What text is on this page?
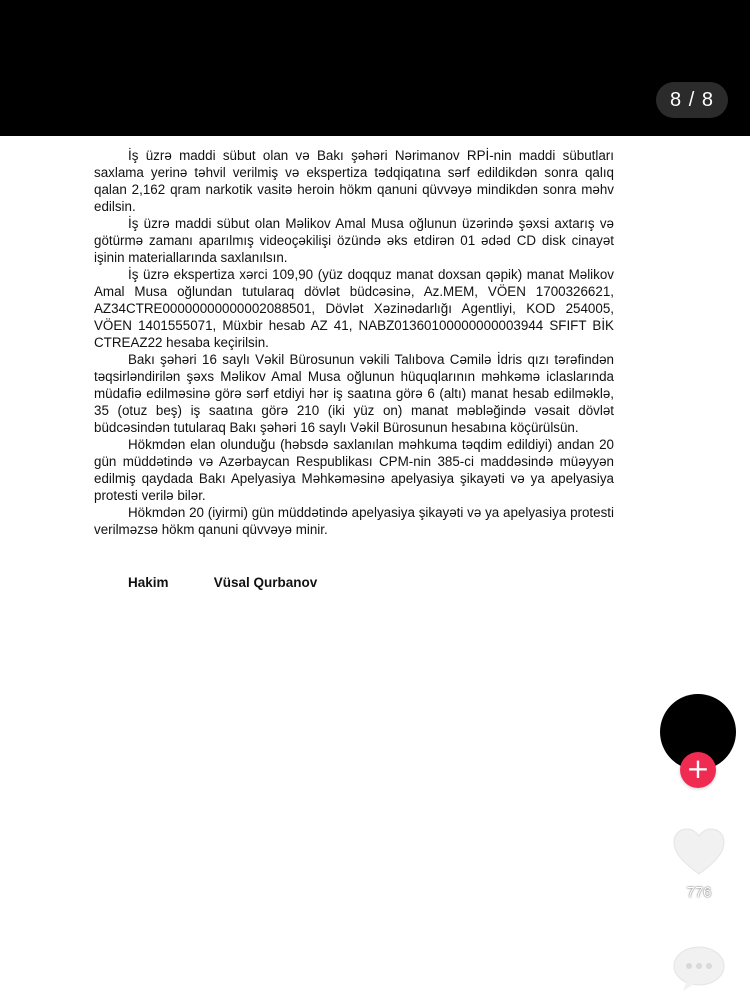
8 / 8

İş üzrə maddi sübut olan və Bakı şəhəri Nərimanov RPİ-nin maddi sübutları saxlama yerinə təhvil verilmiş və ekspertiza tədqiqatına sərf edildikdən sonra qalıq qalan 2,162 qram narkotik vasitə heroin hökm qanuni qüvvəyə mindikdən sonra məhv edilsin.

İş üzrə maddi sübut olan Məlikov Amal Musa oğlunun üzərində şəxsi axtarış və götürmə zamanı aparılmış videoçəkilişi özündə əks etdirən 01 ədəd CD disk cinayət işinin materiallarında saxlanılsın.

İş üzrə ekspertiza xərci 109,90 (yüz doqquz manat doxsan qəpik) manat Məlikov Amal Musa oğlundan tutularaq dövlət büdcəsinə, Az.MEM, VÖEN 1700326621, AZ34CTRE00000000000002088501, Dövlət Xəzinədarlığı Agentliyi, KOD 254005, VÖEN 1401555071, Müxbir hesab AZ 41, NABZ01360100000000003944 SFIFT BİK CTREAZ22 hesaba keçirilsin.

Bakı şəhəri 16 saylı Vəkil Bürosunun vəkili Talıbova Cəmilə İdris qızı tərəfindən təqsirləndirilən şəxs Məlikov Amal Musa oğlunun hüquqlarının məhkəmə iclaslarında müdafiə edilməsinə görə sərf etdiyi hər iş saatına görə 6 (altı) manat hesab edilməklə, 35 (otuz beş) iş saatına görə 210 (iki yüz on) manat məbləğində vəsait dövlət büdcəsindən tutularaq Bakı şəhəri 16 saylı Vəkil Bürosunun hesabına köçürülsün.

Hökmdən elan olunduğu (həbsdə saxlanılan məhkuma təqdim edildiyi) andan 20 gün müddətində və Azərbaycan Respublikası CPM-nin 385-ci maddəsində müəyyən edilmiş qaydada Bakı Apelyasiya Məhkəməsinə apelyasiya şikayəti və ya apelyasiya protesti verilə bilər.

Hökmdən 20 (iyirmi) gün müddətində apelyasiya şikayəti və ya apelyasiya protesti verilməzsə hökm qanuni qüvvəyə minir.

Hakim	Vüsal Qurbanov
+
776
